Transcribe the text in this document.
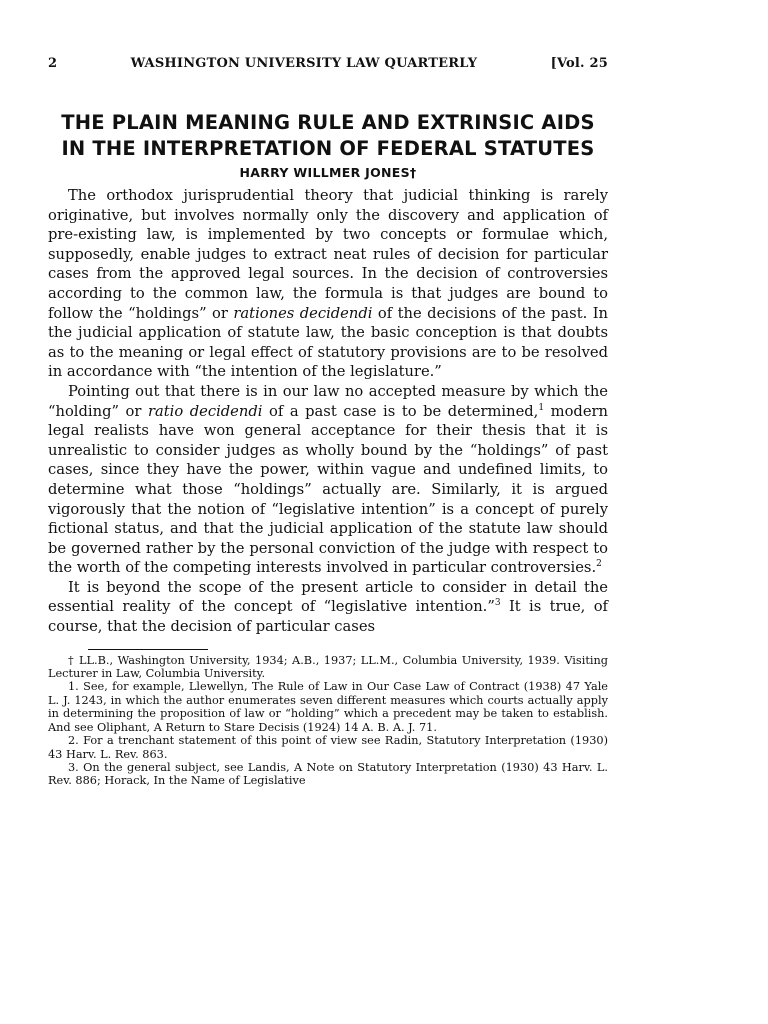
2	WASHINGTON UNIVERSITY LAW QUARTERLY	[Vol. 25
THE PLAIN MEANING RULE AND EXTRINSIC AIDS
IN THE INTERPRETATION OF FEDERAL STATUTES
HARRY WILLMER JONES†

The orthodox jurisprudential theory that judicial thinking is rarely originative, but involves normally only the discovery and application of pre-existing law, is implemented by two concepts or formulae which, supposedly, enable judges to extract neat rules of decision for particular cases from the approved legal sources. In the decision of controversies according to the common law, the formula is that judges are bound to follow the “holdings” or rationes decidendi of the decisions of the past. In the judicial application of statute law, the basic conception is that doubts as to the meaning or legal effect of statutory provisions are to be resolved in accordance with “the intention of the legislature.”

Pointing out that there is in our law no accepted measure by which the “holding” or ratio decidendi of a past case is to be determined,$^1$ modern legal realists have won general acceptance for their thesis that it is unrealistic to consider judges as wholly bound by the “holdings” of past cases, since they have the power, within vague and undefined limits, to determine what those “holdings” actually are. Similarly, it is argued vigorously that the notion of “legislative intention” is a concept of purely fictional status, and that the judicial application of the statute law should be governed rather by the personal conviction of the judge with respect to the worth of the competing interests involved in particular controversies.$^2$

It is beyond the scope of the present article to consider in detail the essential reality of the concept of “legislative intention.”$^3$ It is true, of course, that the decision of particular cases

† LL.B., Washington University, 1934; A.B., 1937; LL.M., Columbia University, 1939. Visiting Lecturer in Law, Columbia University.

1. See, for example, Llewellyn, The Rule of Law in Our Case Law of Contract (1938) 47 Yale L. J. 1243, in which the author enumerates seven different measures which courts actually apply in determining the proposition of law or “holding” which a precedent may be taken to establish. And see Oliphant, A Return to Stare Decisis (1924) 14 A. B. A. J. 71.

2. For a trenchant statement of this point of view see Radin, Statutory Interpretation (1930) 43 Harv. L. Rev. 863.

3. On the general subject, see Landis, A Note on Statutory Interpretation (1930) 43 Harv. L. Rev. 886; Horack, In the Name of Legislative
